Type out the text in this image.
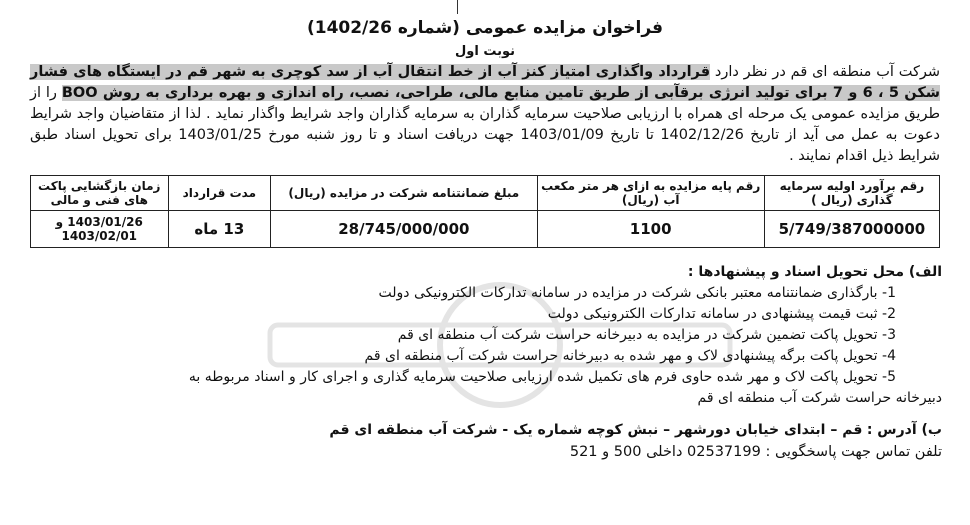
فراخوان مزایده عمومی (شماره 1402/26)
نوبت اول

شرکت آب منطقه ای قم در نظر دارد قرارداد واگذاری امتیاز کنز آب از خط انتقال آب از سد کوچری به شهر قم در ایستگاه های فشار شکن 5 ، 6 و 7 برای تولید انرژی برقآبی از طریق تامین منابع مالی، طراحی، نصب، راه اندازی و بهره برداری به روش BOO را از طریق مزایده عمومی یک مرحله ای همراه با ارزیابی صلاحیت سرمایه گذاران به سرمایه گذاران واجد شرایط واگذار نماید . لذا از متقاضیان واجد شرایط دعوت به عمل می آید از تاریخ 1402/12/26 تا تاریخ 1403/01/09 جهت دریافت اسناد و تا روز شنبه مورخ 1403/01/25 برای تحویل اسناد طبق شرایط ذیل اقدام نمایند .

رقم برآورد اولیه سرمایه گذاری (ریال )	رقم پایه مزایده به ازای هر متر مکعب آب (ریال)	مبلغ ضمانتنامه شرکت در مزایده (ریال)	مدت قرارداد	زمان بازگشایی پاکت های فنی و مالی
5/749/387000000	1100	28/745/000/000	13 ماه	1403/01/26 و 1403/02/01
الف) محل تحویل اسناد و پیشنهادها :
1- بارگذاری ضمانتنامه معتبر بانکی شرکت در مزایده در سامانه تدارکات الکترونیکی دولت
2- ثبت قیمت پیشنهادی در سامانه تدارکات الکترونیکی دولت
3- تحویل پاکت تضمین شرکت در مزایده به دبیرخانه حراست شرکت آب منطقه ای قم
4- تحویل پاکت برگه پیشنهادی لاک و مهر شده به دبیرخانه حراست شرکت آب منطقه ای قم
5- تحویل پاکت لاک و مهر شده حاوی فرم های تکمیل شده ارزیابی صلاحیت سرمایه گذاری و اجرای کار و اسناد مربوطه به
دبیرخانه حراست شرکت آب منطقه ای قم
ب) آدرس : قم – ابتدای خیابان دورشهر – نبش کوچه شماره یک - شرکت آب منطقه ای قم
تلفن تماس جهت پاسخگویی : 02537199 داخلی 500 و 521
